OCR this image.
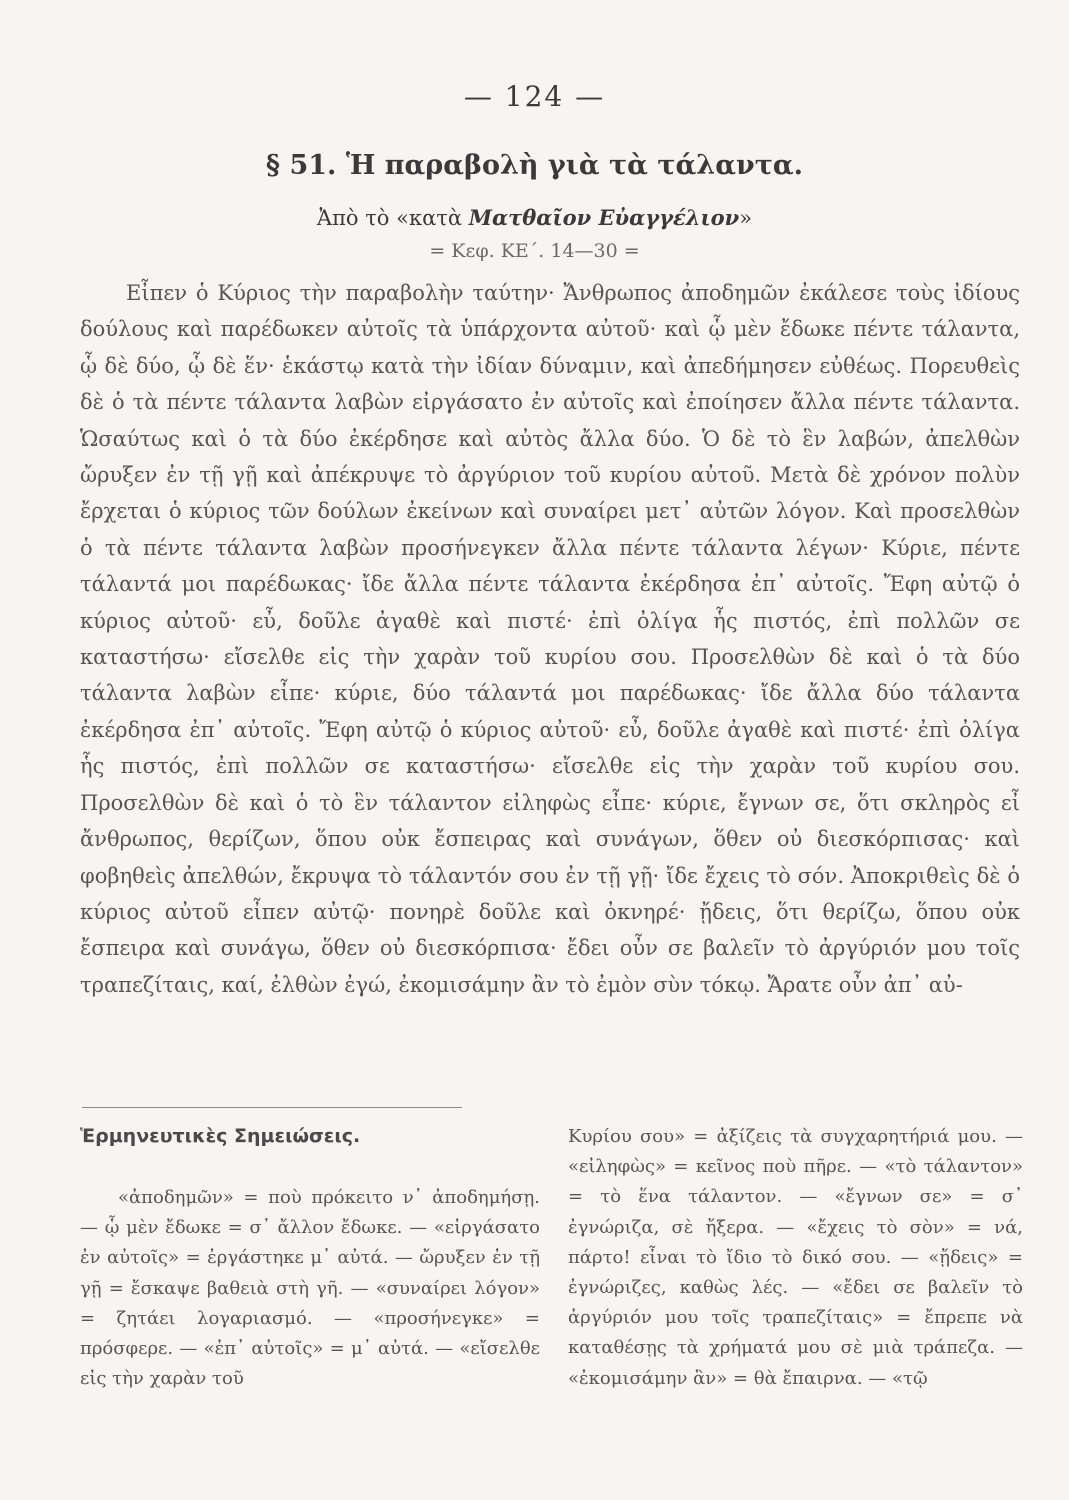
— 124 —
§ 51. Ἡ παραβολὴ γιὰ τὰ τάλαντα.
Ἀπὸ τὸ «κατὰ Ματθαῖον Εὐαγγέλιον»
= Κεφ. ΚΕ΄. 14—30 =

Εἶπεν ὁ Κύριος τὴν παραβολὴν ταύτην· Ἄνθρωπος ἀποδημῶν ἐκάλεσε τοὺς ἰδίους δούλους καὶ παρέδωκεν αὐτοῖς τὰ ὑπάρχοντα αὐτοῦ· καὶ ᾧ μὲν ἔδωκε πέντε τάλαντα, ᾧ δὲ δύο, ᾧ δὲ ἕν· ἑκάστῳ κατὰ τὴν ἰδίαν δύναμιν, καὶ ἀπεδήμησεν εὐθέως. Πορευθεὶς δὲ ὁ τὰ πέντε τάλαντα λαβὼν εἰργάσατο ἐν αὐτοῖς καὶ ἐποίησεν ἄλλα πέντε τάλαντα. Ὡσαύτως καὶ ὁ τὰ δύο ἐκέρδησε καὶ αὐτὸς ἄλλα δύο. Ὁ δὲ τὸ ἓν λαβών, ἀπελθὼν ὤρυξεν ἐν τῇ γῇ καὶ ἀπέκρυψε τὸ ἀργύριον τοῦ κυρίου αὐτοῦ. Μετὰ δὲ χρόνον πολὺν ἔρχεται ὁ κύριος τῶν δούλων ἐκείνων καὶ συναίρει μετ᾿ αὐτῶν λόγον. Καὶ προσελθὼν ὁ τὰ πέντε τάλαντα λαβὼν προσήνεγκεν ἄλλα πέντε τάλαντα λέγων· Κύριε, πέντε τάλαντά μοι παρέδωκας· ἴδε ἄλλα πέντε τάλαντα ἐκέρδησα ἐπ᾿ αὐτοῖς. Ἔφη αὐτῷ ὁ κύριος αὐτοῦ· εὖ, δοῦλε ἀγαθὲ καὶ πιστέ· ἐπὶ ὀλίγα ἧς πιστός, ἐπὶ πολλῶν σε καταστήσω· εἴσελθε εἰς τὴν χαρὰν τοῦ κυρίου σου. Προσελθὼν δὲ καὶ ὁ τὰ δύο τάλαντα λαβὼν εἶπε· κύριε, δύο τάλαντά μοι παρέδωκας· ἴδε ἄλλα δύο τάλαντα ἐκέρδησα ἐπ᾿ αὐτοῖς. Ἔφη αὐτῷ ὁ κύριος αὐτοῦ· εὖ, δοῦλε ἀγαθὲ καὶ πιστέ· ἐπὶ ὀλίγα ἧς πιστός, ἐπὶ πολλῶν σε καταστήσω· εἴσελθε εἰς τὴν χαρὰν τοῦ κυρίου σου. Προσελθὼν δὲ καὶ ὁ τὸ ἓν τάλαντον εἰληφὼς εἶπε· κύριε, ἔγνων σε, ὅτι σκληρὸς εἶ ἄνθρωπος, θερίζων, ὅπου οὐκ ἔσπειρας καὶ συνάγων, ὅθεν οὐ διεσκόρπισας· καὶ φοβηθεὶς ἀπελθών, ἔκρυψα τὸ τάλαντόν σου ἐν τῇ γῇ· ἴδε ἔχεις τὸ σόν. Ἀποκριθεὶς δὲ ὁ κύριος αὐτοῦ εἶπεν αὐτῷ· πονηρὲ δοῦλε καὶ ὀκνηρέ· ᾔδεις, ὅτι θερίζω, ὅπου οὐκ ἔσπειρα καὶ συνάγω, ὅθεν οὐ διεσκόρπισα· ἔδει οὖν σε βαλεῖν τὸ ἀργύριόν μου τοῖς τραπεζίταις, καί, ἐλθὼν ἐγώ, ἐκομισάμην ἂν τὸ ἐμὸν σὺν τόκῳ. Ἄρατε οὖν ἀπ᾿ αὐ-

Ἑρμηνευτικὲς Σημειώσεις.

«ἀποδημῶν» = ποὺ πρόκειτο ν᾿ ἀποδημήσῃ. — ᾧ μὲν ἔδωκε = σ᾿ ἄλλον ἔδωκε. — «εἰργάσατο ἐν αὐτοῖς» = ἐργάστηκε μ᾿ αὐτά. — ὤρυξεν ἐν τῇ γῇ = ἔσκαψε βαθειὰ στὴ γῆ. — «συναίρει λόγον» = ζητάει λογαριασμό. — «προσήνεγκε» = πρόσφερε. — «ἐπ᾿ αὐτοῖς» = μ᾿ αὐτά. — «εἴσελθε εἰς τὴν χαρὰν τοῦ

Κυρίου σου» = ἀξίζεις τὰ συγχαρητήριά μου. — «εἰληφὼς» = κεῖνος ποὺ πῆρε. — «τὸ τάλαντον» = τὸ ἕνα τάλαντον. — «ἔγνων σε» = σ᾿ ἐγνώριζα, σὲ ἤξερα. — «ἔχεις τὸ σὸν» = νά, πάρτο! εἶναι τὸ ἴδιο τὸ δικό σου. — «ᾔδεις» = ἐγνώριζες, καθὼς λές. — «ἔδει σε βαλεῖν τὸ ἀργύριόν μου τοῖς τραπεζίταις» = ἔπρεπε νὰ καταθέσῃς τὰ χρήματά μου σὲ μιὰ τράπεζα. — «ἐκομισάμην ἂν» = θὰ ἔπαιρνα. — «τῷ
